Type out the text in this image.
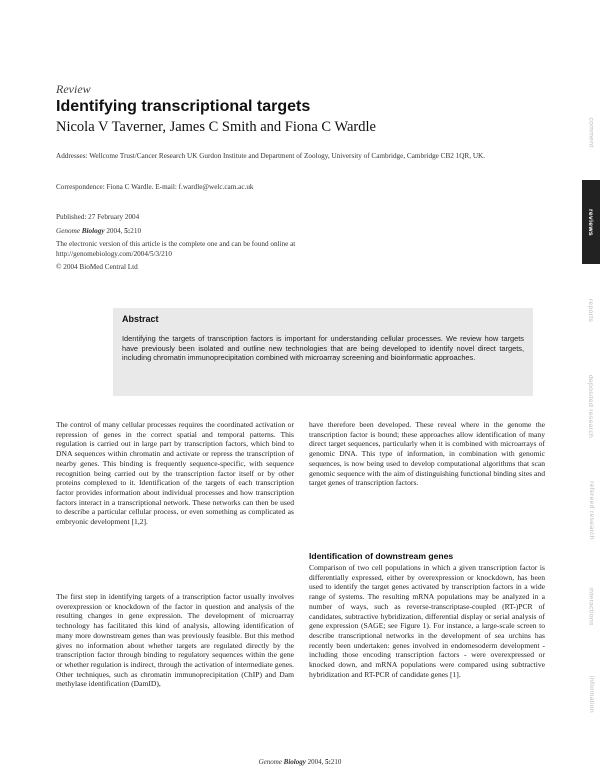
Review
Identifying transcriptional targets
Nicola V Taverner, James C Smith and Fiona C Wardle
Addresses: Wellcome Trust/Cancer Research UK Gurdon Institute and Department of Zoology, University of Cambridge, Cambridge CB2 1QR, UK.
Correspondence: Fiona C Wardle. E-mail: f.wardle@welc.cam.ac.uk
Published: 27 February 2004
Genome Biology 2004, 5:210
The electronic version of this article is the complete one and can be found online at http://genomebiology.com/2004/5/3/210
© 2004 BioMed Central Ltd
comment
reviews
reports
deposited research
refereed research
interactions
information
Abstract
Identifying the targets of transcription factors is important for understanding cellular processes. We review how targets have previously been isolated and outline new technologies that are being developed to identify novel direct targets, including chromatin immunoprecipitation combined with microarray screening and bioinformatic approaches.

The control of many cellular processes requires the coordinated activation or repression of genes in the correct spatial and temporal patterns. This regulation is carried out in large part by transcription factors, which bind to DNA sequences within chromatin and activate or repress the transcription of nearby genes. This binding is frequently sequence-specific, with sequence recognition being carried out by the transcription factor itself or by other proteins complexed to it. Identification of the targets of each transcription factor provides information about individual processes and how transcription factors interact in a transcriptional network. These networks can then be used to describe a particular cellular process, or even something as complicated as embryonic development [1,2].

The first step in identifying targets of a transcription factor usually involves overexpression or knockdown of the factor in question and analysis of the resulting changes in gene expression. The development of microarray technology has facilitated this kind of analysis, allowing identification of many more downstream genes than was previously feasible. But this method gives no information about whether targets are regulated directly by the transcription factor through binding to regulatory sequences within the gene or whether regulation is indirect, through the activation of intermediate genes. Other techniques, such as chromatin immunoprecipitation (ChIP) and Dam methylase identification (DamID),

have therefore been developed. These reveal where in the genome the transcription factor is bound; these approaches allow identification of many direct target sequences, particularly when it is combined with microarrays of genomic DNA. This type of information, in combination with genomic sequences, is now being used to develop computational algorithms that scan genomic sequence with the aim of distinguishing functional binding sites and target genes of transcription factors.

Identification of downstream genes

Comparison of two cell populations in which a given transcription factor is differentially expressed, either by overexpression or knockdown, has been used to identify the target genes activated by transcription factors in a wide range of systems. The resulting mRNA populations may be analyzed in a number of ways, such as reverse-transcriptase-coupled (RT-)PCR of candidates, subtractive hybridization, differential display or serial analysis of gene expression (SAGE; see Figure 1). For instance, a large-scale screen to describe transcriptional networks in the development of sea urchins has recently been undertaken: genes involved in endomesoderm development - including those encoding transcription factors - were overexpressed or knocked down, and mRNA populations were compared using subtractive hybridization and RT-PCR of candidate genes [1].

Genome Biology 2004, 5:210
